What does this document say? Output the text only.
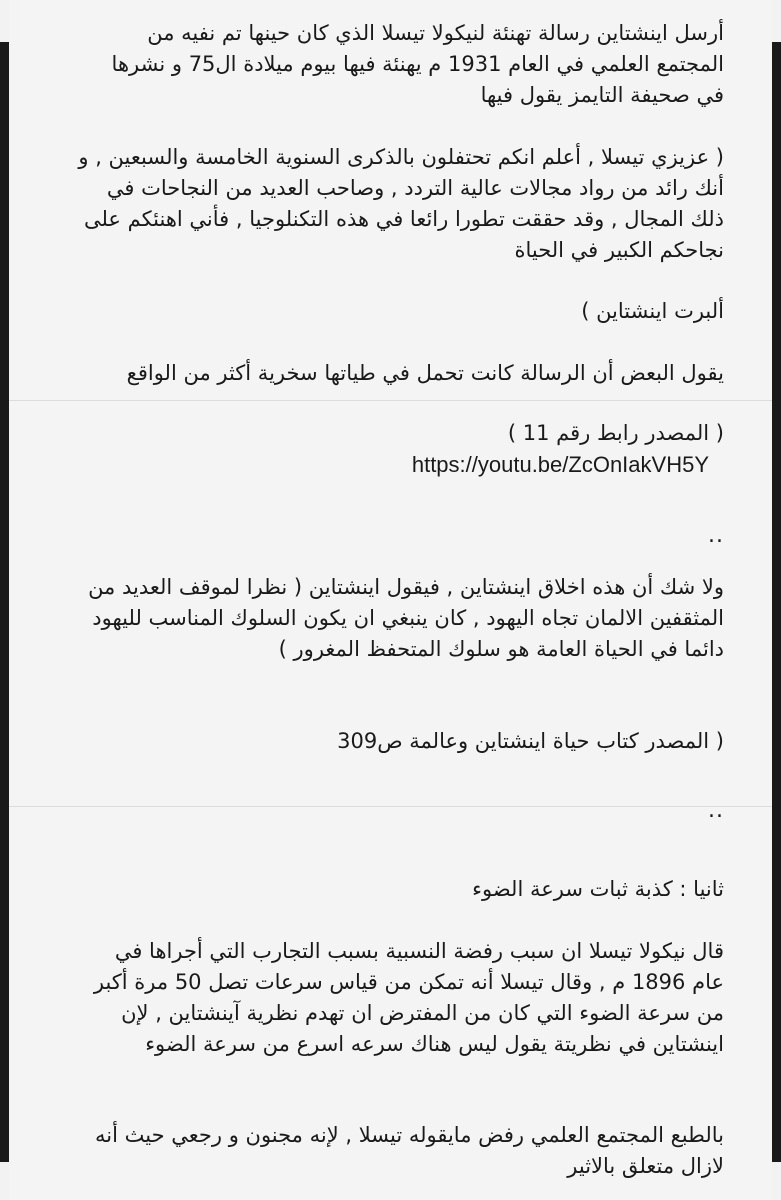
أرسل اينشتاين رسالة تهنئة لنيكولا تيسلا الذي كان حينها تم نفيه من
المجتمع العلمي في العام 1931 م يهنئة فيها بيوم ميلادة ال75 و نشرها
في صحيفة التايمز يقول فيها
( عزيزي تيسلا , أعلم انكم تحتفلون بالذكرى السنوية الخامسة والسبعين , و
أنك رائد من رواد مجالات عالية التردد , وصاحب العديد من النجاحات في
ذلك المجال , وقد حققت تطورا رائعا في هذه التكنلوجيا , فأني اهنئكم على
نجاحكم الكبير في الحياة
ألبرت اينشتاين )
يقول البعض أن الرسالة كانت تحمل في طياتها سخرية أكثر من الواقع
( المصدر رابط رقم 11 )
https://youtu.be/ZcOnIakVH5Y
..
ولا شك أن هذه اخلاق اينشتاين , فيقول اينشتاين ( نظرا لموقف العديد من
المثقفين الالمان تجاه اليهود , كان ينبغي ان يكون السلوك المناسب لليهود
دائما في الحياة العامة هو سلوك المتحفظ المغرور )
( المصدر كتاب حياة اينشتاين وعالمة ص309
..
ثانيا : كذبة ثبات سرعة الضوء
قال نيكولا تيسلا ان سبب رفضة النسبية بسبب التجارب التي أجراها في
عام 1896 م , وقال تيسلا أنه تمكن من قياس سرعات تصل 50 مرة أكبر
من سرعة الضوء التي كان من المفترض ان تهدم نظرية آينشتاين , لإن
اينشتاين في نظريتة يقول ليس هناك سرعه اسرع من سرعة الضوء
بالطبع المجتمع العلمي رفض مايقوله تيسلا , لإنه مجنون و رجعي حيث أنه
لازال متعلق بالاثير
